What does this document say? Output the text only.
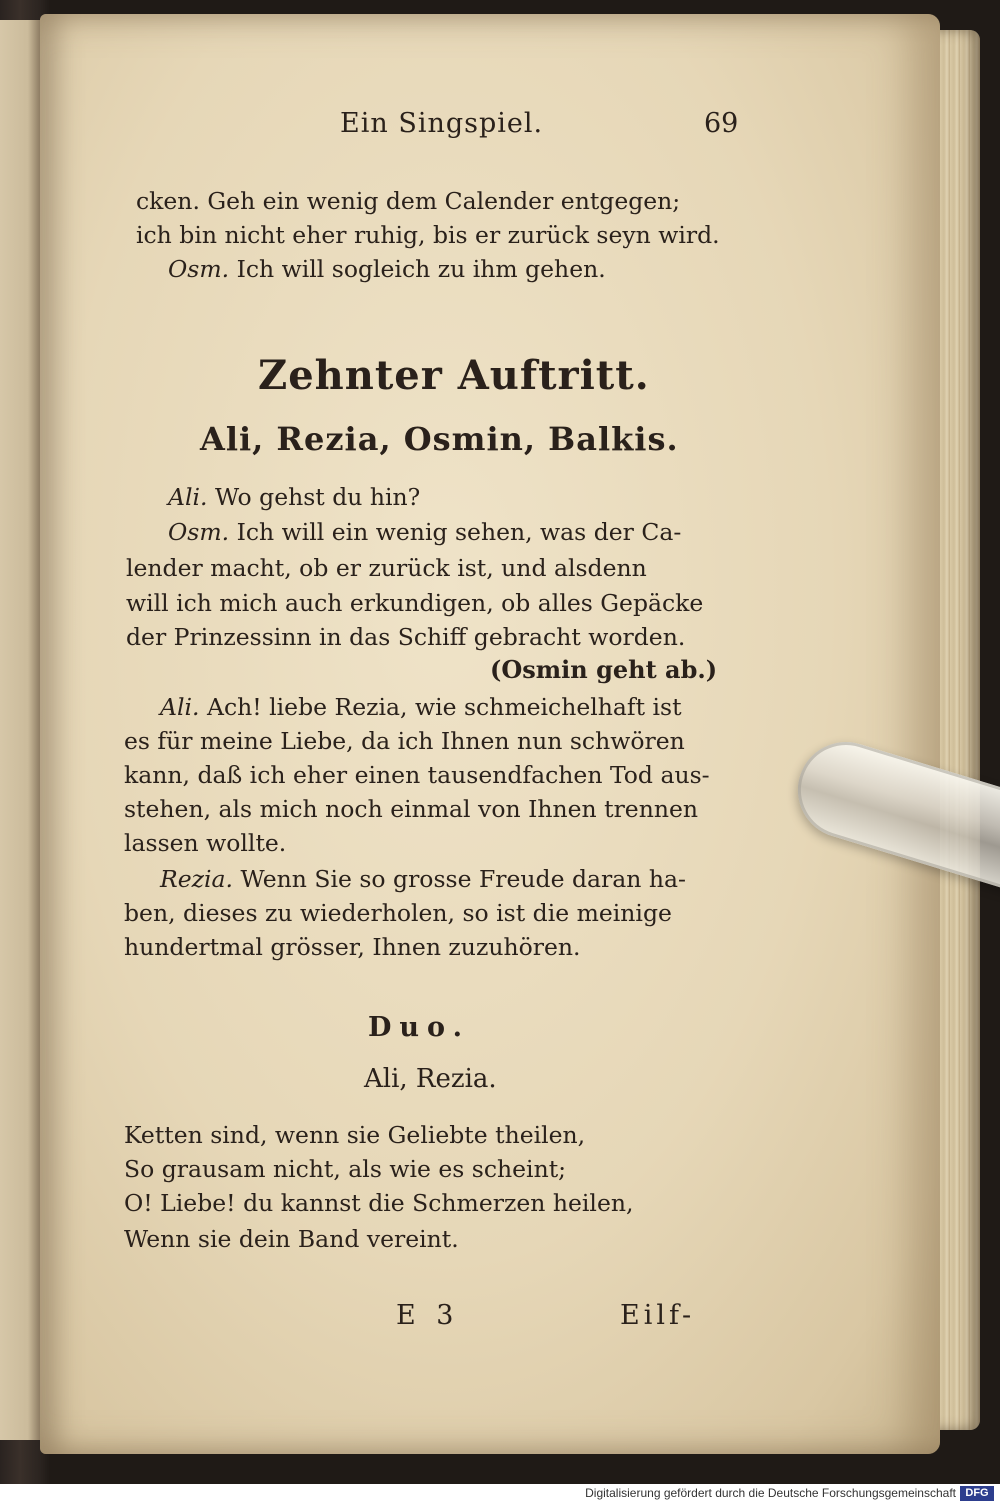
Ein Singspiel.	69
cken. Geh ein wenig dem Calender entgegen;
ich bin nicht eher ruhig, bis er zurück seyn wird.
Osm. Ich will sogleich zu ihm gehen.
Zehnter Auftritt.
Ali, Rezia, Osmin, Balkis.
Ali. Wo gehst du hin?
Osm. Ich will ein wenig sehen, was der Ca-
lender macht, ob er zurück ist, und alsdenn
will ich mich auch erkundigen, ob alles Gepäcke
der Prinzessinn in das Schiff gebracht worden.
(Osmin geht ab.)
Ali. Ach! liebe Rezia, wie schmeichelhaft ist
es für meine Liebe, da ich Ihnen nun schwören
kann, daß ich eher einen tausendfachen Tod aus-
stehen, als mich noch einmal von Ihnen trennen
lassen wollte.
Rezia. Wenn Sie so grosse Freude daran ha-
ben, dieses zu wiederholen, so ist die meinige
hundertmal grösser, Ihnen zuzuhören.
Duo.
Ali, Rezia.
Ketten sind, wenn sie Geliebte theilen,
So grausam nicht, als wie es scheint;
O! Liebe! du kannst die Schmerzen heilen,
Wenn sie dein Band vereint.
E 3	Eilf-
Digitalisierung gefördert durch die Deutsche Forschungsgemeinschaft DFG
